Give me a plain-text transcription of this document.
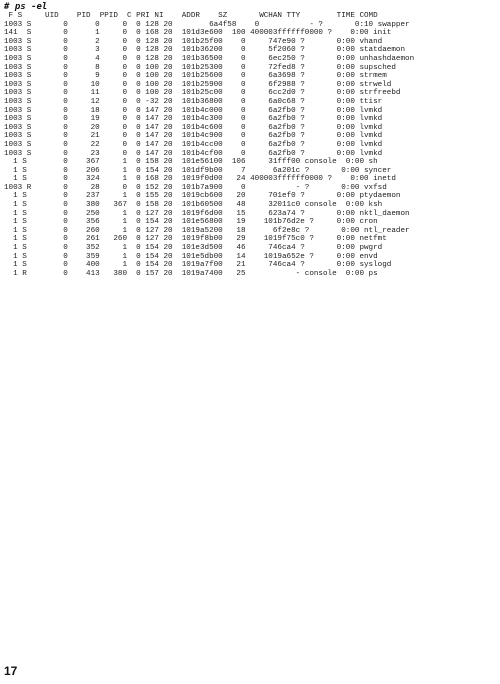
# ps -el
F S     UID    PID  PPID  C PRI NI    ADDR    SZ       WCHAN TTY        TIME COMD
1003 S       0      0     0  0 128 20        6a4f58    0           - ?       0:10 swapper
141  S       0      1     0  0 168 20  101d3e600  100 400003ffffff0000 ?    0:00 init
1003 S       0      2     0  0 128 20  101b25f00    0     747e90 ?       0:00 vhand
1003 S       0      3     0  0 128 20  101b36200    0     5f2060 ?       0:00 statdaemon
1003 S       0      4     0  0 128 20  101b36500    0     6ec250 ?       0:00 unhashdaemon
1003 S       0      8     0  0 100 20  101b25300    0     72fed8 ?       0:00 supsched
1003 S       0      9     0  0 100 20  101b25600    0     6a3698 ?       0:00 strmem
1003 S       0     10     0  0 100 20  101b25900    0     6f2988 ?       0:00 strweld
1003 S       0     11     0  0 100 20  101b25c00    0     6cc2d0 ?       0:00 strfreebd
1003 S       0     12     0  0 -32 20  101b36800    0     6a0c68 ?       0:00 ttisr
1003 S       0     18     0  0 147 20  101b4c000    0     6a2fb0 ?       0:00 lvmkd
1003 S       0     19     0  0 147 20  101b4c300    0     6a2fb0 ?       0:00 lvmkd
1003 S       0     20     0  0 147 20  101b4c600    0     6a2fb0 ?       0:00 lvmkd
1003 S       0     21     0  0 147 20  101b4c900    0     6a2fb0 ?       0:00 lvmkd
1003 S       0     22     0  0 147 20  101b4cc00    0     6a2fb0 ?       0:00 lvmkd
1003 S       0     23     0  0 147 20  101b4cf00    0     6a2fb0 ?       0:00 lvmkd
1 S        0    367     1  0 158 20  101e56100  106     31fff00 console  0:00 sh
1 S        0    206     1  0 154 20  101df9b00    7      6a201c ?       0:00 syncer
1 S        0    324     1  0 168 20  1019f0d00   24 400003ffffff0000 ?    0:00 inetd
1003 R       0     28     0  0 152 20  101b7a900    0           - ?       0:00 vxfsd
1 S        0    237     1  0 155 20  1019cb600   20     701ef0 ?       0:00 ptydaemon
1 S        0    380   367  0 158 20  101b60500   48     32011c0 console  0:00 ksh
1 S        0    250     1  0 127 20  1019f6d00   15     623a74 ?       0:00 nktl_daemon
1 S        0    356     1  0 154 20  101e56800   19    101b76d2e ?     0:00 cron
1 S        0    260     1  0 127 20  1019a5200   18      6f2e8c ?       0:00 ntl_reader
1 S        0    261   260  0 127 20  1019f8b00   29    1019f75c0 ?     0:00 netfmt
1 S        0    352     1  0 154 20  101e3d500   46     746ca4 ?       0:00 pwgrd
1 S        0    359     1  0 154 20  101e5db00   14    1019a652e ?     0:00 envd
1 S        0    400     1  0 154 20  1019a7f00   21     746ca4 ?       0:00 syslogd
1 R        0    413   380  0 157 20  1019a7400   25           - console  0:00 ps
17
